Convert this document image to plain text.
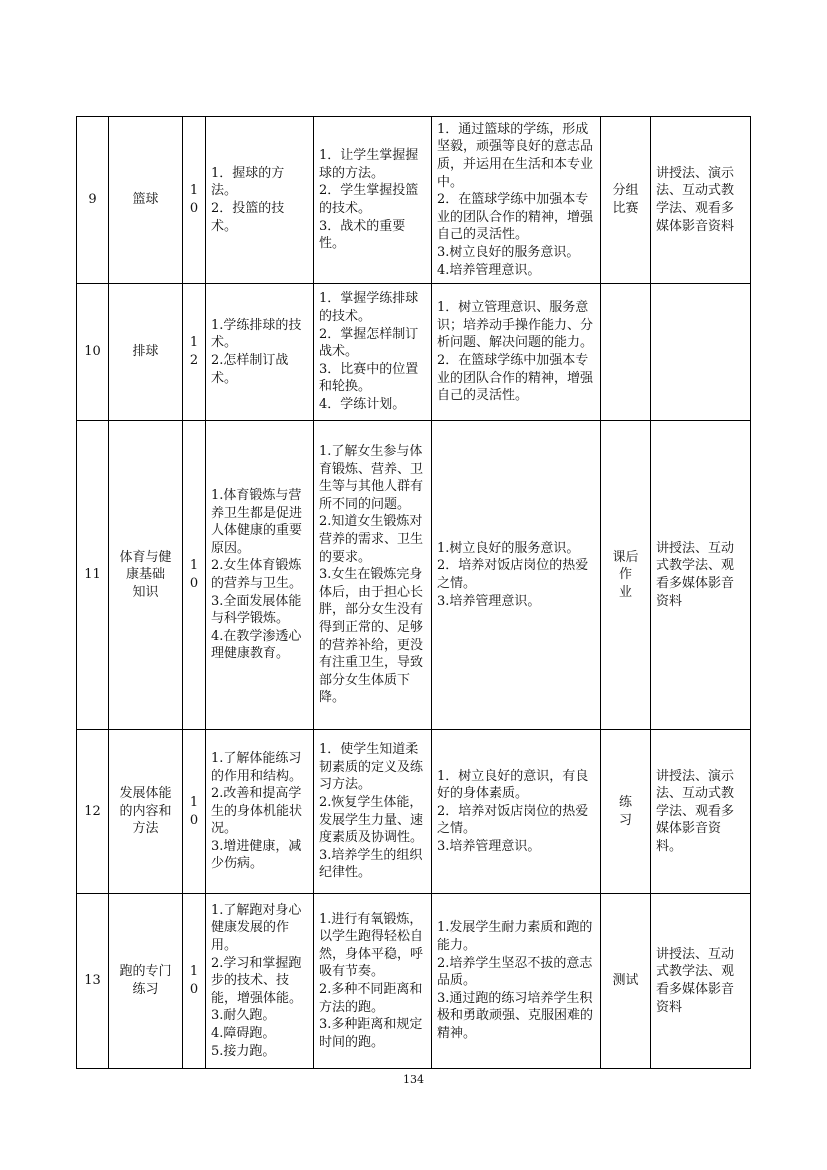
9	篮球	10	1．握球的方法。
2．投篮的技术。	1．让学生掌握握球的方法。
2．学生掌握投篮的技术。
3．战术的重要性。	1．通过篮球的学练，形成坚毅，顽强等良好的意志品质，并运用在生活和本专业中。
2．在篮球学练中加强本专业的团队合作的精神，增强自己的灵活性。
3.树立良好的服务意识。
4.培养管理意识。	分组
比赛	讲授法、演示法、互动式教学法、观看多媒体影音资料

10	排球	12	1.学练排球的技术。
2.怎样制订战术。	1．掌握学练排球的技术。
2．掌握怎样制订战术。
3．比赛中的位置和轮换。
4．学练计划。	1．树立管理意识、服务意识；培养动手操作能力、分析问题、解决问题的能力。
2．在篮球学练中加强本专业的团队合作的精神，增强自己的灵活性。		

11	体育与健
康基础
知识	10	1.体育锻炼与营养卫生都是促进人体健康的重要原因。
2.女生体育锻炼的营养与卫生。
3.全面发展体能与科学锻炼。
4.在教学渗透心理健康教育。	1.了解女生参与体育锻炼、营养、卫生等与其他人群有所不同的问题。
2.知道女生锻炼对营养的需求、卫生的要求。
3.女生在锻炼完身体后，由于担心长胖，部分女生没有得到正常的、足够的营养补给，更没有注重卫生，导致部分女生体质下降。	1.树立良好的服务意识。
2．培养对饭店岗位的热爱之情。
3.培养管理意识。	课后
作
业	讲授法、互动式教学法、观看多媒体影音资料

12	发展体能
的内容和
方法	10	1.了解体能练习的作用和结构。
2.改善和提高学生的身体机能状况。
3.增进健康，减少伤病。	1．使学生知道柔韧素质的定义及练习方法。
2.恢复学生体能，发展学生力量、速度素质及协调性。
3.培养学生的组织纪律性。	1．树立良好的意识，有良好的身体素质。
2．培养对饭店岗位的热爱之情。
3.培养管理意识。	练
习	讲授法、演示法、互动式教学法、观看多媒体影音资料。

13	跑的专门
练习	10	1.了解跑对身心健康发展的作用。
2.学习和掌握跑步的技术、技能，增强体能。
3.耐久跑。
4.障碍跑。
5.接力跑。	1.进行有氧锻炼，以学生跑得轻松自然，身体平稳，呼吸有节奏。
2.多种不同距离和方法的跑。
3.多种距离和规定时间的跑。	1.发展学生耐力素质和跑的能力。
2.培养学生坚忍不拔的意志品质。
3.通过跑的练习培养学生积极和勇敢顽强、克服困难的精神。	测试	讲授法、互动式教学法、观看多媒体影音资料
134
